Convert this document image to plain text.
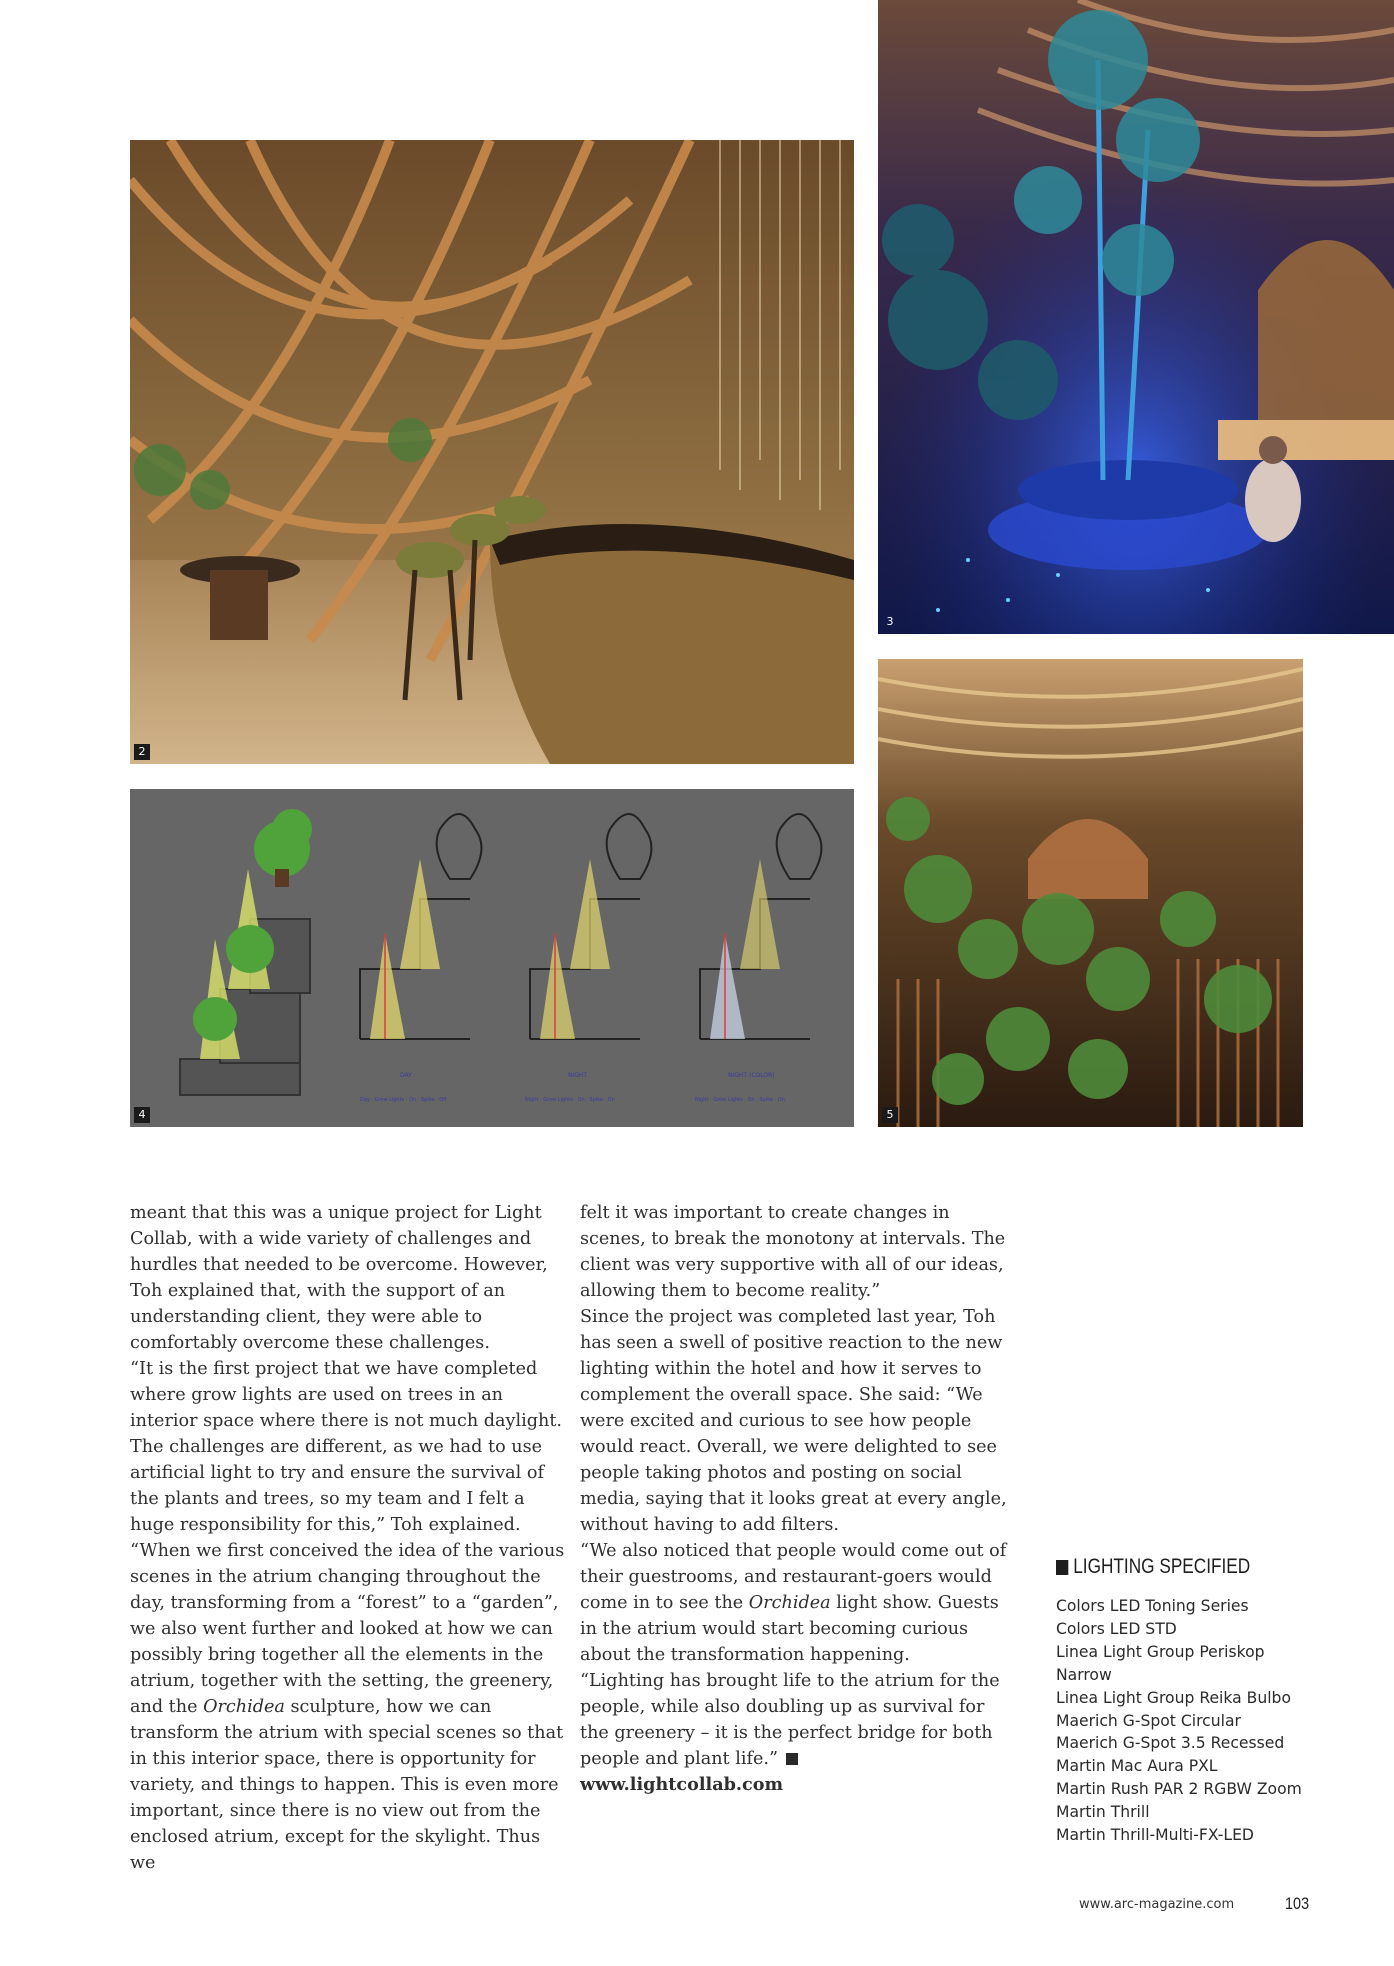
2
3
DAY	NIGHT	NIGHT (COLOR)
Day · Grow Lights · On · Spike · Off	Night · Grow Lights · On · Spike · On	Night · Grow Lights · On · Spike · On
4	5

meant that this was a unique project for Light Collab, with a wide variety of challenges and hurdles that needed to be overcome. However, Toh explained that, with the support of an understanding client, they were able to comfortably overcome these challenges.

“It is the first project that we have completed where grow lights are used on trees in an interior space where there is not much daylight. The challenges are different, as we had to use artificial light to try and ensure the survival of the plants and trees, so my team and I felt a huge responsibility for this,” Toh explained.

“When we first conceived the idea of the various scenes in the atrium changing throughout the day, transforming from a “forest” to a “garden”, we also went further and looked at how we can possibly bring together all the elements in the atrium, together with the setting, the greenery, and the Orchidea sculpture, how we can transform the atrium with special scenes so that in this interior space, there is opportunity for variety, and things to happen. This is even more important, since there is no view out from the enclosed atrium, except for the skylight. Thus we

felt it was important to create changes in scenes, to break the monotony at intervals. The client was very supportive with all of our ideas, allowing them to become reality.”

Since the project was completed last year, Toh has seen a swell of positive reaction to the new lighting within the hotel and how it serves to complement the overall space. She said: “We were excited and curious to see how people would react. Overall, we were delighted to see people taking photos and posting on social media, saying that it looks great at every angle, without having to add filters.

“We also noticed that people would come out of their guestrooms, and restaurant-goers would come in to see the Orchidea light show. Guests in the atrium would start becoming curious about the transformation happening.

“Lighting has brought life to the atrium for the people, while also doubling up as survival for the greenery – it is the perfect bridge for both people and plant life.”

www.lightcollab.com

LIGHTING SPECIFIED
Colors LED Toning Series
Colors LED STD
Linea Light Group Periskop
Narrow
Linea Light Group Reika Bulbo
Maerich G-Spot Circular
Maerich G-Spot 3.5 Recessed
Martin Mac Aura PXL
Martin Rush PAR 2 RGBW Zoom
Martin Thrill
Martin Thrill-Multi-FX-LED
www.arc-magazine.com	103
